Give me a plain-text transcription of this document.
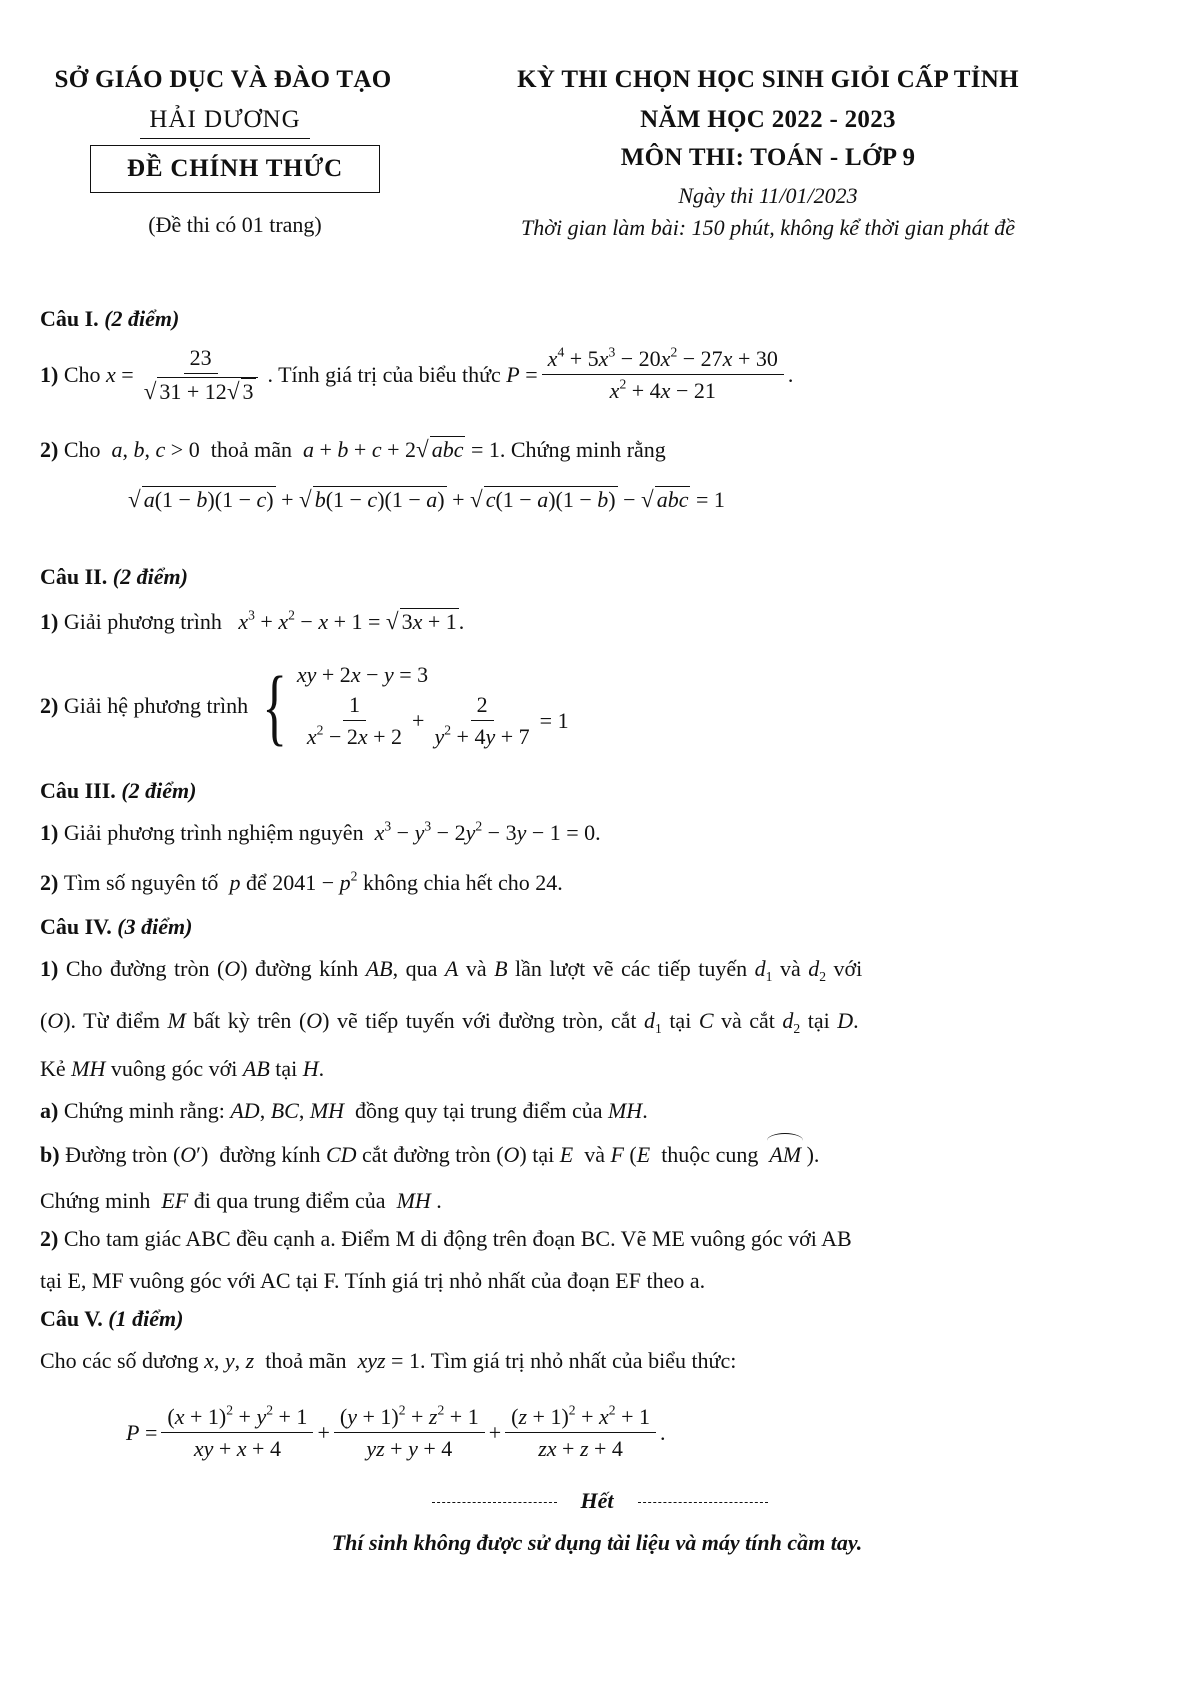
SỞ GIÁO DỤC VÀ ĐÀO TẠO
HẢI DƯƠNG
ĐỀ CHÍNH THỨC
(Đề thi có 01 trang)
KỲ THI CHỌN HỌC SINH GIỎI CẤP TỈNH
NĂM HỌC 2022 - 2023
MÔN THI: TOÁN - LỚP 9
Ngày thi 11/01/2023
Thời gian làm bài: 150 phút, không kể thời gian phát đề
Câu I. (2 điểm)
1)
Cho
$x = \frac{23}{√ 31 + 12√ 3}$ . Tính giá trị của biểu thức
$P = \frac{x^4 + 5x^3 - 20x^2 - 27x + 30}{x^2 + 4x - 21}$ .
2) Cho a, b, c > 0  thoả mãn a + b + c + 2√ abc = 1. Chứng minh rằng
√ a(1 − b)(1 − c) + √ b(1 − c)(1 − a) + √ c(1 − a)(1 − b) − √ abc = 1
Câu II. (2 điểm)
1) Giải phương trình $x^3 + x^2 - x + 1$ = √ 3x + 1.
2)
Giải hệ phương trình
{ xy + 2x − y = 3
$\frac{1}{x^2 - 2x + 2} + \frac{2}{y^2 + 4y + 7} = 1$
Câu III. (2 điểm)
1) Giải phương trình nghiệm nguyên $x^3 - y^3 - 2y^2 - 3y - 1 = 0$.
2) Tìm số nguyên tố p để $2041 - p^2$ không chia hết cho 24.
Câu IV. (3 điểm)
1) Cho đường tròn (O) đường kính AB, qua A và B lần lượt vẽ các tiếp tuyến $d_1$ và $d_2$ với
(O). Từ điểm M bất kỳ trên (O) vẽ tiếp tuyến với đường tròn, cắt $d_1$ tại C và cắt $d_2$ tại D.
Kẻ MH vuông góc với AB tại H.
a) Chứng minh rằng: AD, BC, MH đồng quy tại trung điểm của MH.
b) Đường tròn (O′)  đường kính CD cắt đường tròn (O) tại E và F (E thuộc cung AM ).
Chứng minh EF đi qua trung điểm của MH .
2) Cho tam giác ABC đều cạnh a. Điểm M di động trên đoạn BC. Vẽ ME vuông góc với AB
tại E, MF vuông góc với AC tại F. Tính giá trị nhỏ nhất của đoạn EF theo a.
Câu V. (1 điểm)
Cho các số dương x, y, z thoả mãn xyz = 1. Tìm giá trị nhỏ nhất của biểu thức:
$P = \frac{(x + 1)^2 + y^2 + 1}{xy + x + 4} + \frac{(y + 1)^2 + z^2 + 1}{yz + y + 4} + \frac{(z + 1)^2 + x^2 + 1}{zx + z + 4}$ .
Hết
Thí sinh không được sử dụng tài liệu và máy tính cầm tay.
